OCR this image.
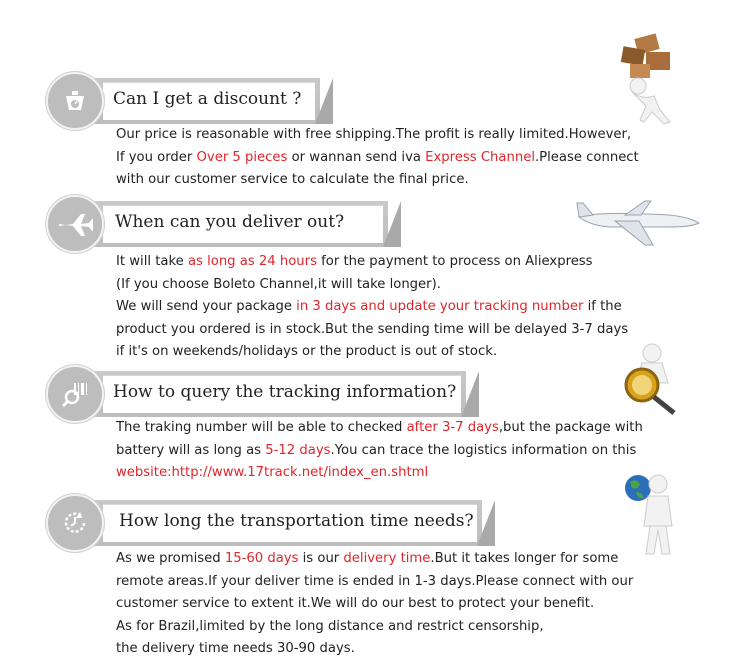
Can I get a discount ?
Our price is reasonable with free shipping.The profit is really limited.However,
If you order Over 5 pieces or wannan send iva Express Channel.Please connect
with our customer service to calculate the final price.
When can you deliver out?
It will take as long as 24 hours for the payment to process on Aliexpress
(If you choose Boleto Channel,it will take longer).
We will send your package in 3 days and update your tracking number if the
product you ordered is in stock.But the sending time will be delayed 3-7 days
if it's on weekends/holidays or the product is out of stock.
How to query the tracking information?
The traking number will be able to checked after 3-7 days,but the package with
battery will as long as 5-12 days.You can trace the logistics information on this
website:http://www.17track.net/index_en.shtml
How long the transportation time needs?
As we promised 15-60 days is our delivery time.But it takes longer for some
remote areas.If your deliver time is ended in 1-3 days.Please connect with our
customer service to extent it.We will do our best to protect your benefit.
As for Brazil,limited by the long distance and restrict censorship,
the delivery time needs 30-90 days.
